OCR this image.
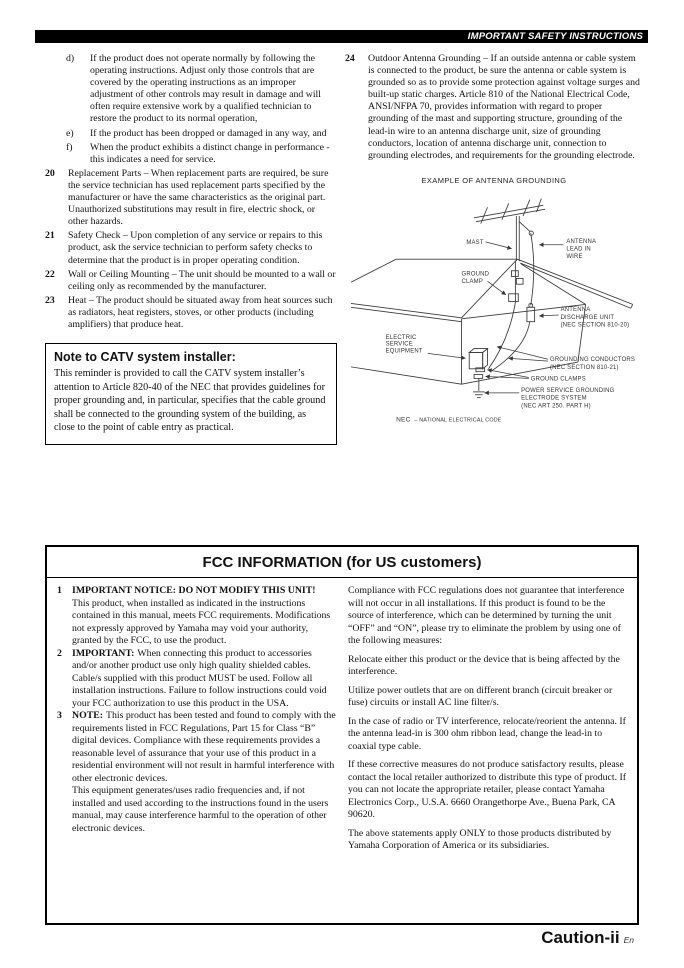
IMPORTANT SAFETY INSTRUCTIONS
d)	If the product does not operate normally by following the operating instructions. Adjust only those controls that are covered by the operating instructions as an improper adjustment of other controls may result in damage and will often require extensive work by a qualified technician to restore the product to its normal operation,
e)	If the product has been dropped or damaged in any way, and
f)	When the product exhibits a distinct change in performance - this indicates a need for service.
20	Replacement Parts – When replacement parts are required, be sure the service technician has used replacement parts specified by the manufacturer or have the same characteristics as the original part. Unauthorized substitutions may result in fire, electric shock, or other hazards.
21	Safety Check – Upon completion of any service or repairs to this product, ask the service technician to perform safety checks to determine that the product is in proper operating condition.
22	Wall or Ceiling Mounting – The unit should be mounted to a wall or ceiling only as recommended by the manufacturer.
23	Heat – The product should be situated away from heat sources such as radiators, heat registers, stoves, or other products (including amplifiers) that produce heat.
Note to CATV system installer:
This reminder is provided to call the CATV system installer’s attention to Article 820-40 of the NEC that provides guidelines for proper grounding and, in particular, specifies that the cable ground shall be connected to the grounding system of the building, as close to the point of cable entry as practical.
24	Outdoor Antenna Grounding – If an outside antenna or cable system is connected to the product, be sure the antenna or cable system is grounded so as to provide some protection against voltage surges and built-up static charges. Article 810 of the National Electrical Code, ANSI/NFPA 70, provides information with regard to proper grounding of the mast and supporting structure, grounding of the lead-in wire to an antenna discharge unit, size of grounding conductors, location of antenna discharge unit, connection to grounding electrodes, and requirements for the grounding electrode.
EXAMPLE OF ANTENNA GROUNDING
MAST	ANTENNA
LEAD IN
WIRE
GROUND
CLAMP
ANTENNA
DISCHARGE UNIT
(NEC SECTION 810-20)
ELECTRIC
SERVICE
EQUIPMENT
GROUNDING CONDUCTORS
(NEC SECTION 810-21)
GROUND CLAMPS
POWER SERVICE GROUNDING
ELECTRODE SYSTEM
(NEC ART 250. PART H)
NEC – NATIONAL ELECTRICAL CODE
FCC INFORMATION (for US customers)
1	IMPORTANT NOTICE: DO NOT MODIFY THIS UNIT!
This product, when installed as indicated in the instructions contained in this manual, meets FCC requirements. Modifications not expressly approved by Yamaha may void your authority, granted by the FCC, to use the product.
2	IMPORTANT: When connecting this product to accessories and/or another product use only high quality shielded cables. Cable/s supplied with this product MUST be used. Follow all installation instructions. Failure to follow instructions could void your FCC authorization to use this product in the USA.
3	NOTE: This product has been tested and found to comply with the requirements listed in FCC Regulations, Part 15 for Class “B” digital devices. Compliance with these requirements provides a reasonable level of assurance that your use of this product in a residential environment will not result in harmful interference with other electronic devices.
This equipment generates/uses radio frequencies and, if not installed and used according to the instructions found in the users manual, may cause interference harmful to the operation of other electronic devices.

Compliance with FCC regulations does not guarantee that interference will not occur in all installations. If this product is found to be the source of interference, which can be determined by turning the unit “OFF” and “ON”, please try to eliminate the problem by using one of the following measures:

Relocate either this product or the device that is being affected by the interference.

Utilize power outlets that are on different branch (circuit breaker or fuse) circuits or install AC line filter/s.

In the case of radio or TV interference, relocate/reorient the antenna. If the antenna lead-in is 300 ohm ribbon lead, change the lead-in to coaxial type cable.

If these corrective measures do not produce satisfactory results, please contact the local retailer authorized to distribute this type of product. If you can not locate the appropriate retailer, please contact Yamaha Electronics Corp., U.S.A. 6660 Orangethorpe Ave., Buena Park, CA 90620.

The above statements apply ONLY to those products distributed by Yamaha Corporation of America or its subsidiaries.

Caution-ii En
